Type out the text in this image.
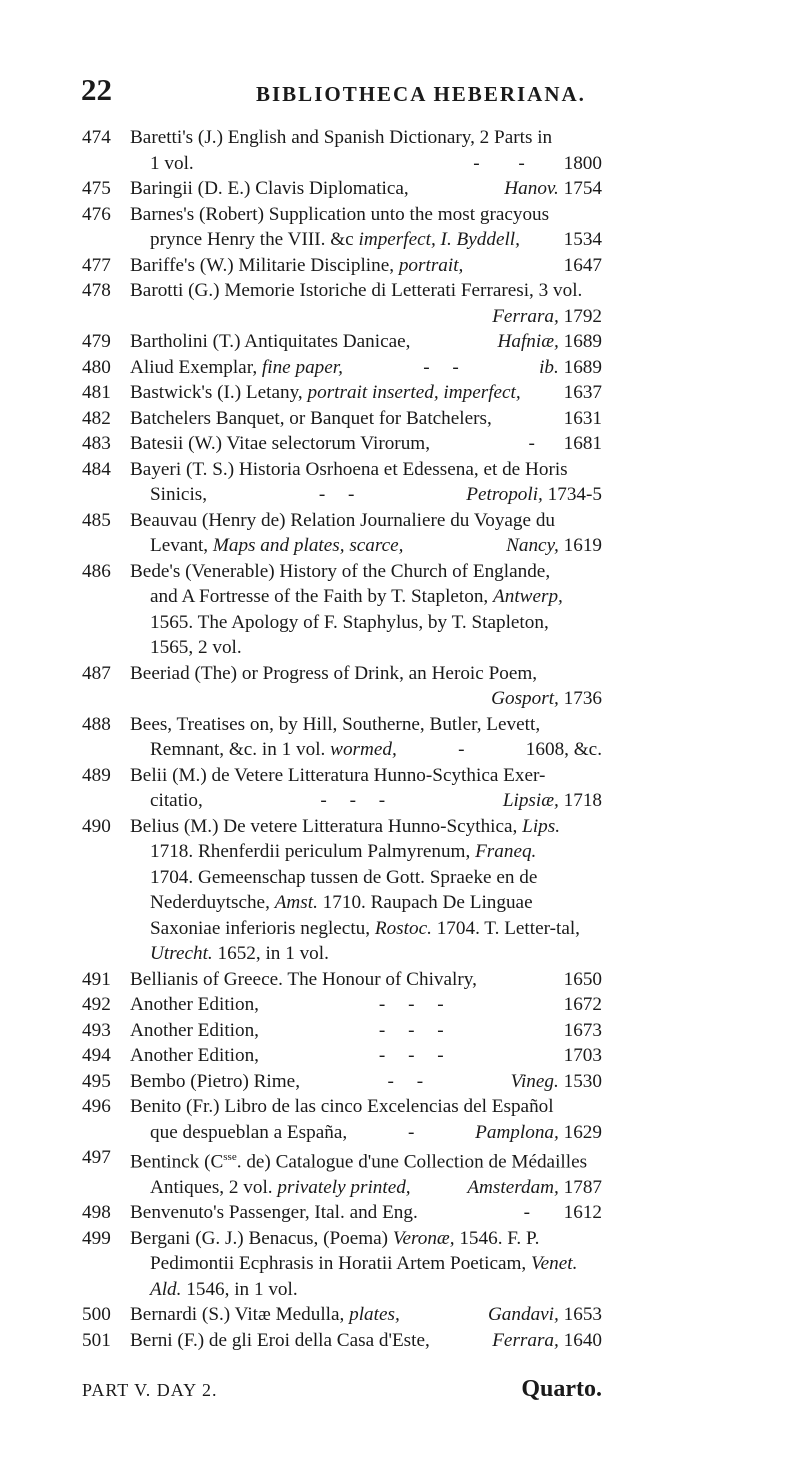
22	BIBLIOTHECA HEBERIANA.
474 Baretti's (J.) English and Spanish Dictionary, 2 Parts in
1 vol.	- - 1800
475 Baringii (D. E.) Clavis Diplomatica,	Hanov. 1754
476 Barnes's (Robert) Supplication unto the most gracyous
prynce Henry the VIII. &c imperfect, I. Byddell, 1534
477 Bariffe's (W.) Militarie Discipline, portrait,	1647
478 Barotti (G.) Memorie Istoriche di Letterati Ferraresi, 3 vol.
Ferrara, 1792
479 Bartholini (T.) Antiquitates Danicae,	Hafniæ, 1689
480 Aliud Exemplar, fine paper,	- -	ib. 1689
481 Bastwick's (I.) Letany, portrait inserted, imperfect, 1637
482 Batchelers Banquet, or Banquet for Batchelers,	1631
483 Batesii (W.) Vitae selectorum Virorum,	- 1681
484 Bayeri (T. S.) Historia Osrhoena et Edessena, et de Horis
Sinicis,	- -	Petropoli, 1734-5
485 Beauvau (Henry de) Relation Journaliere du Voyage du
Levant, Maps and plates, scarce,	Nancy, 1619
486 Bede's (Venerable) History of the Church of Englande,
and A Fortresse of the Faith by T. Stapleton, Antwerp,
1565. The Apology of F. Staphylus, by T. Stapleton,
1565, 2 vol.
487 Beeriad (The) or Progress of Drink, an Heroic Poem,
Gosport, 1736
488 Bees, Treatises on, by Hill, Southerne, Butler, Levett,
Remnant, &c. in 1 vol. wormed,	-	1608, &c.
489 Belii (M.) de Vetere Litteratura Hunno-Scythica Exer-
citatio,	- - -	Lipsiæ, 1718
490 Belius (M.) De vetere Litteratura Hunno-Scythica, Lips.
1718. Rhenferdii periculum Palmyrenum, Franeq.
1704. Gemeenschap tussen de Gott. Spraeke en de
Nederduytsche, Amst. 1710. Raupach De Linguae
Saxoniae inferioris neglectu, Rostoc. 1704. T. Letter-tal,
Utrecht. 1652, in 1 vol.
491 Bellianis of Greece. The Honour of Chivalry,	1650
492 Another Edition,	- - -	1672
493 Another Edition,	- - -	1673
494 Another Edition,	- - -	1703
495 Bembo (Pietro) Rime,	- -	Vineg. 1530
496 Benito (Fr.) Libro de las cinco Excelencias del Español
que despueblan a España,	-	Pamplona, 1629
497 Bentinck ($C^{sse}$. de) Catalogue d'une Collection de Médailles
Antiques, 2 vol. privately printed,	Amsterdam, 1787
498 Benvenuto's Passenger, Ital. and Eng.	- 1612
499 Bergani (G. J.) Benacus, (Poema) Veronæ, 1546. F. P.
Pedimontii Ecphrasis in Horatii Artem Poeticam, Venet.
Ald. 1546, in 1 vol.
500 Bernardi (S.) Vitæ Medulla, plates,	Gandavi, 1653
501 Berni (F.) de gli Eroi della Casa d'Este,	Ferrara, 1640
PART V. DAY 2.	Quarto.
